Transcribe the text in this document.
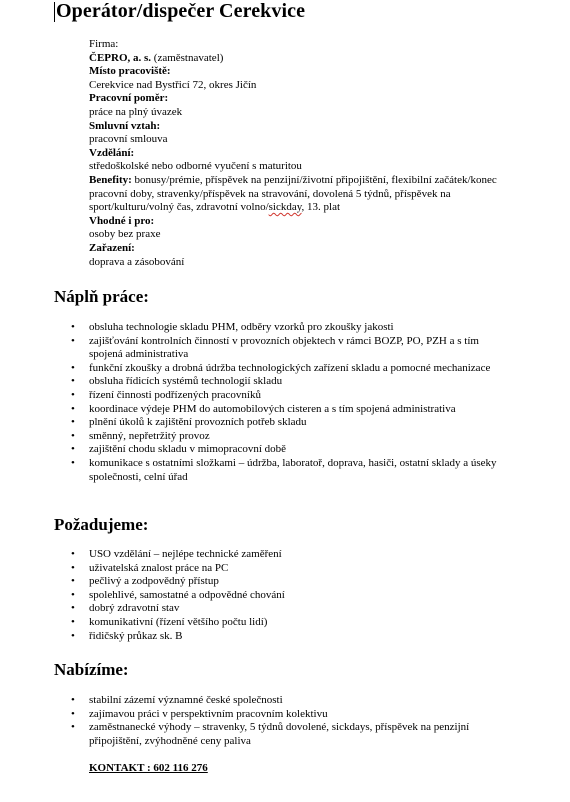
Operátor/dispečer Cerekvice
Firma:
ČEPRO, a. s. (zaměstnavatel)
Místo pracoviště:
Cerekvice nad Bystřicí 72, okres Jičín
Pracovní poměr:
práce na plný úvazek
Smluvní vztah:
pracovní smlouva
Vzdělání:
středoškolské nebo odborné vyučení s maturitou
Benefity: bonusy/prémie, příspěvek na penzijní/životní připojištění, flexibilní začátek/konec pracovní doby, stravenky/příspěvek na stravování, dovolená 5 týdnů, příspěvek na sport/kulturu/volný čas, zdravotní volno/sickday, 13. plat
Vhodné i pro:
osoby bez praxe
Zařazení:
doprava a zásobování
Náplň práce:
• obsluha technologie skladu PHM, odběry vzorků pro zkoušky jakosti
• zajišťování kontrolních činností v provozních objektech v rámci BOZP, PO, PZH a s tím spojená administrativa
• funkční zkoušky a drobná údržba technologických zařízení skladu a pomocné mechanizace
• obsluha řídicích systémů technologií skladu
• řízení činnosti podřízených pracovníků
• koordinace výdeje PHM do automobilových cisteren a s tím spojená administrativa
• plnění úkolů k zajištění provozních potřeb skladu
• směnný, nepřetržitý provoz
• zajištění chodu skladu v mimopracovní době
• komunikace s ostatními složkami – údržba, laboratoř, doprava, hasiči, ostatní sklady a úseky společnosti, celní úřad
Požadujeme:
• USO vzdělání – nejlépe technické zaměření
• uživatelská znalost práce na PC
• pečlivý a zodpovědný přístup
• spolehlivé, samostatné a odpovědné chování
• dobrý zdravotní stav
• komunikativní (řízení většího počtu lidí)
• řidičský průkaz sk. B
Nabízíme:
• stabilní zázemí významné české společnosti
• zajímavou práci v perspektivním pracovním kolektivu
• zaměstnanecké výhody – stravenky, 5 týdnů dovolené, sickdays, příspěvek na penzijní připojištění, zvýhodněné ceny paliva
KONTAKT : 602 116 276
